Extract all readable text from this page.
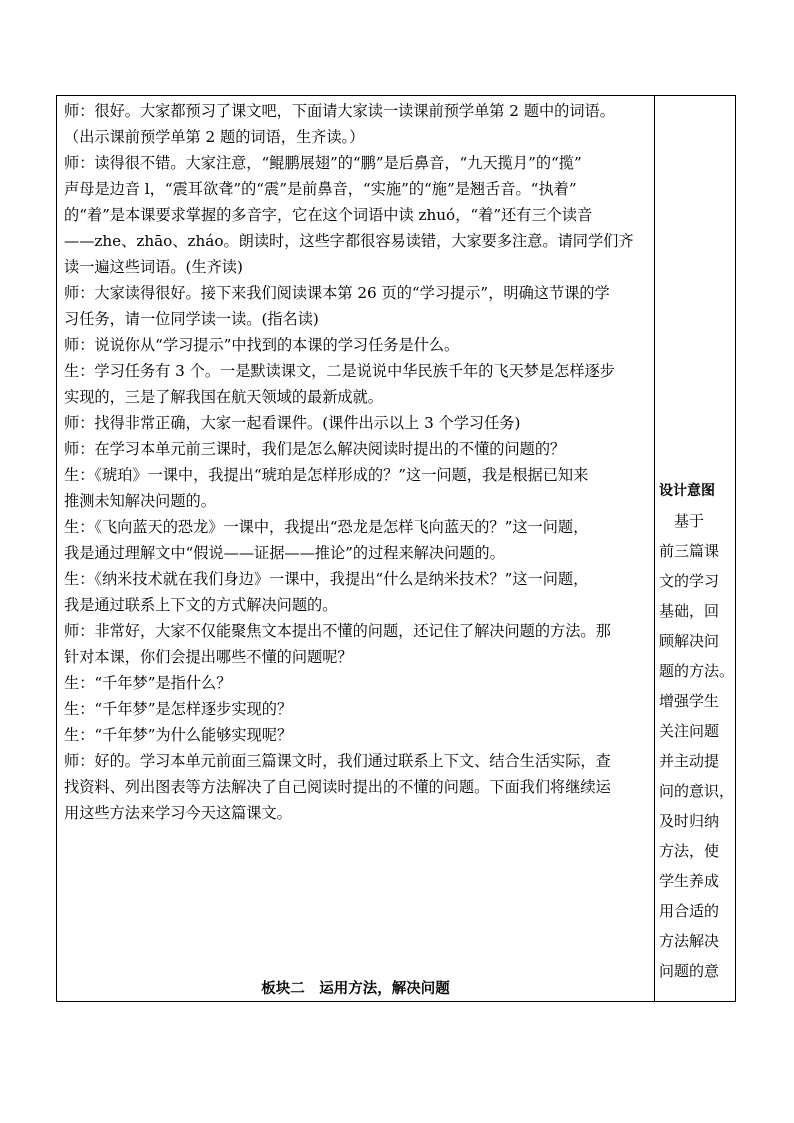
师：很好。大家都预习了课文吧，下面请大家读一读课前预学单第 2 题中的词语。
（出示课前预学单第 2 题的词语，生齐读。）
师：读得很不错。大家注意，“鲲鹏展翅”的“鹏”是后鼻音，“九天揽月”的“揽”
声母是边音 l，“震耳欲聋”的“震”是前鼻音，“实施”的“施”是翘舌音。“执着”
的“着”是本课要求掌握的多音字，它在这个词语中读 zhuó，“着”还有三个读音
——zhe、zhāo、zháo。朗读时，这些字都很容易读错，大家要多注意。请同学们齐
读一遍这些词语。(生齐读)
师：大家读得很好。接下来我们阅读课本第 26 页的“学习提示”，明确这节课的学
习任务，请一位同学读一读。(指名读)
师：说说你从“学习提示”中找到的本课的学习任务是什么。
生：学习任务有 3 个。一是默读课文，二是说说中华民族千年的飞天梦是怎样逐步
实现的，三是了解我国在航天领域的最新成就。
师：找得非常正确，大家一起看课件。(课件出示以上 3 个学习任务)
师：在学习本单元前三课时，我们是怎么解决阅读时提出的不懂的问题的？
生：《琥珀》一课中，我提出“琥珀是怎样形成的？”这一问题，我是根据已知来
推测未知解决问题的。
生：《飞向蓝天的恐龙》一课中，我提出“恐龙是怎样飞向蓝天的？”这一问题，
我是通过理解文中“假说——证据——推论”的过程来解决问题的。
生：《纳米技术就在我们身边》一课中，我提出“什么是纳米技术？”这一问题，
我是通过联系上下文的方式解决问题的。
师：非常好，大家不仅能聚焦文本提出不懂的问题，还记住了解决问题的方法。那
针对本课，你们会提出哪些不懂的问题呢？
生：“千年梦”是指什么？
生：“千年梦”是怎样逐步实现的？
生：“千年梦”为什么能够实现呢？
师：好的。学习本单元前面三篇课文时，我们通过联系上下文、结合生活实际，查
找资料、列出图表等方法解决了自己阅读时提出的不懂的问题。下面我们将继续运
用这些方法来学习今天这篇课文。
板块二　运用方法，解决问题
设计意图
　基于
前三篇课
文的学习
基础，回
顾解决问
题的方法。
增强学生
关注问题
并主动提
问的意识，
及时归纳
方法，使
学生养成
用合适的
方法解决
问题的意
